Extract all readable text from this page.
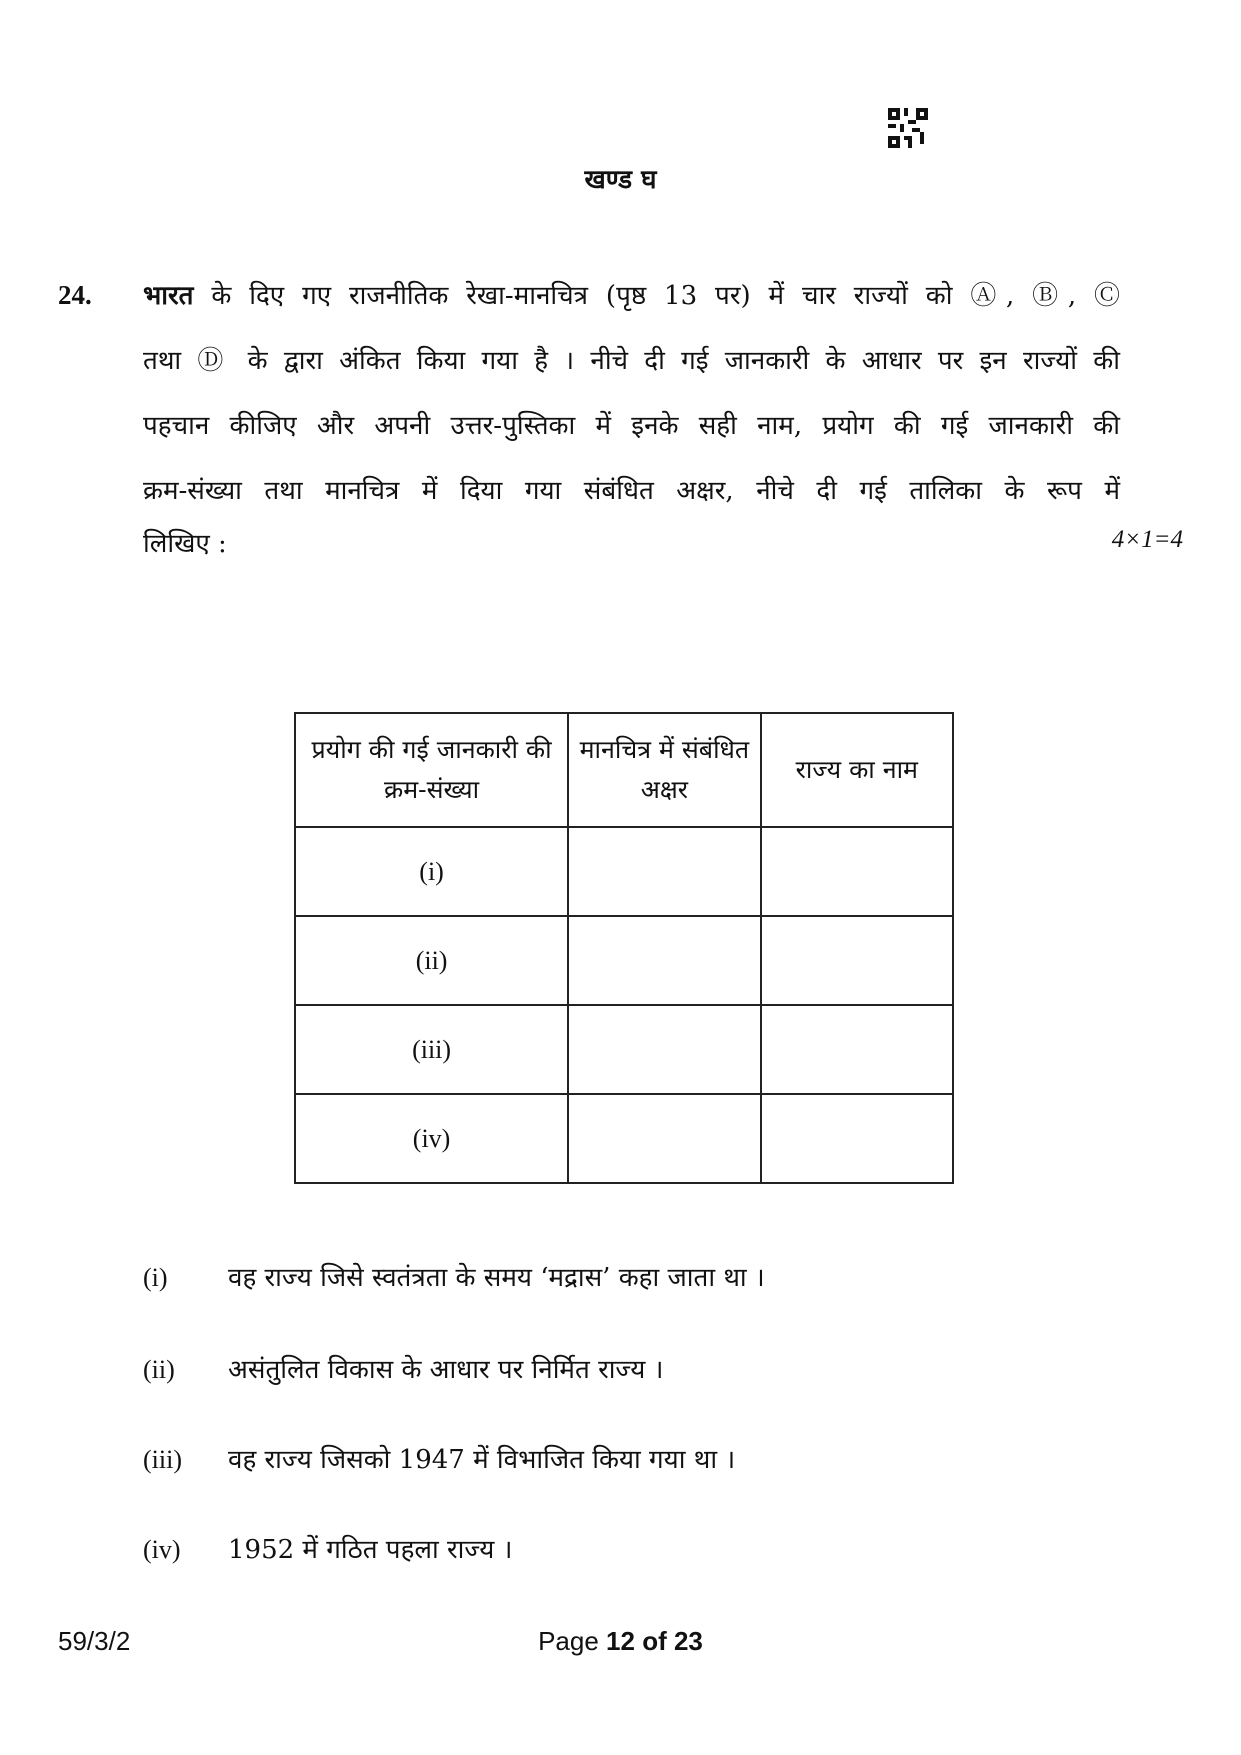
खण्ड घ
24. भारत के दिए गए राजनीतिक रेखा-मानचित्र (पृष्ठ 13 पर) में चार राज्यों को Ⓐ, Ⓑ, Ⓒ
तथा Ⓓ के द्वारा अंकित किया गया है । नीचे दी गई जानकारी के आधार पर इन राज्यों की
पहचान कीजिए और अपनी उत्तर-पुस्तिका में इनके सही नाम, प्रयोग की गई जानकारी की
क्रम-संख्या तथा मानचित्र में दिया गया संबंधित अक्षर, नीचे दी गई तालिका के रूप में
लिखिए :	4×1=4
प्रयोग की गई जानकारी की क्रम-संख्या	मानचित्र में संबंधित अक्षर	राज्य का नाम
(i)		
(ii)		
(iii)		
(iv)		
(i) वह राज्य जिसे स्वतंत्रता के समय ‘मद्रास’ कहा जाता था ।
(ii) असंतुलित विकास के आधार पर निर्मित राज्य ।
(iii) वह राज्य जिसको 1947 में विभाजित किया गया था ।
(iv) 1952 में गठित पहला राज्य ।
59/3/2	Page 12 of 23
